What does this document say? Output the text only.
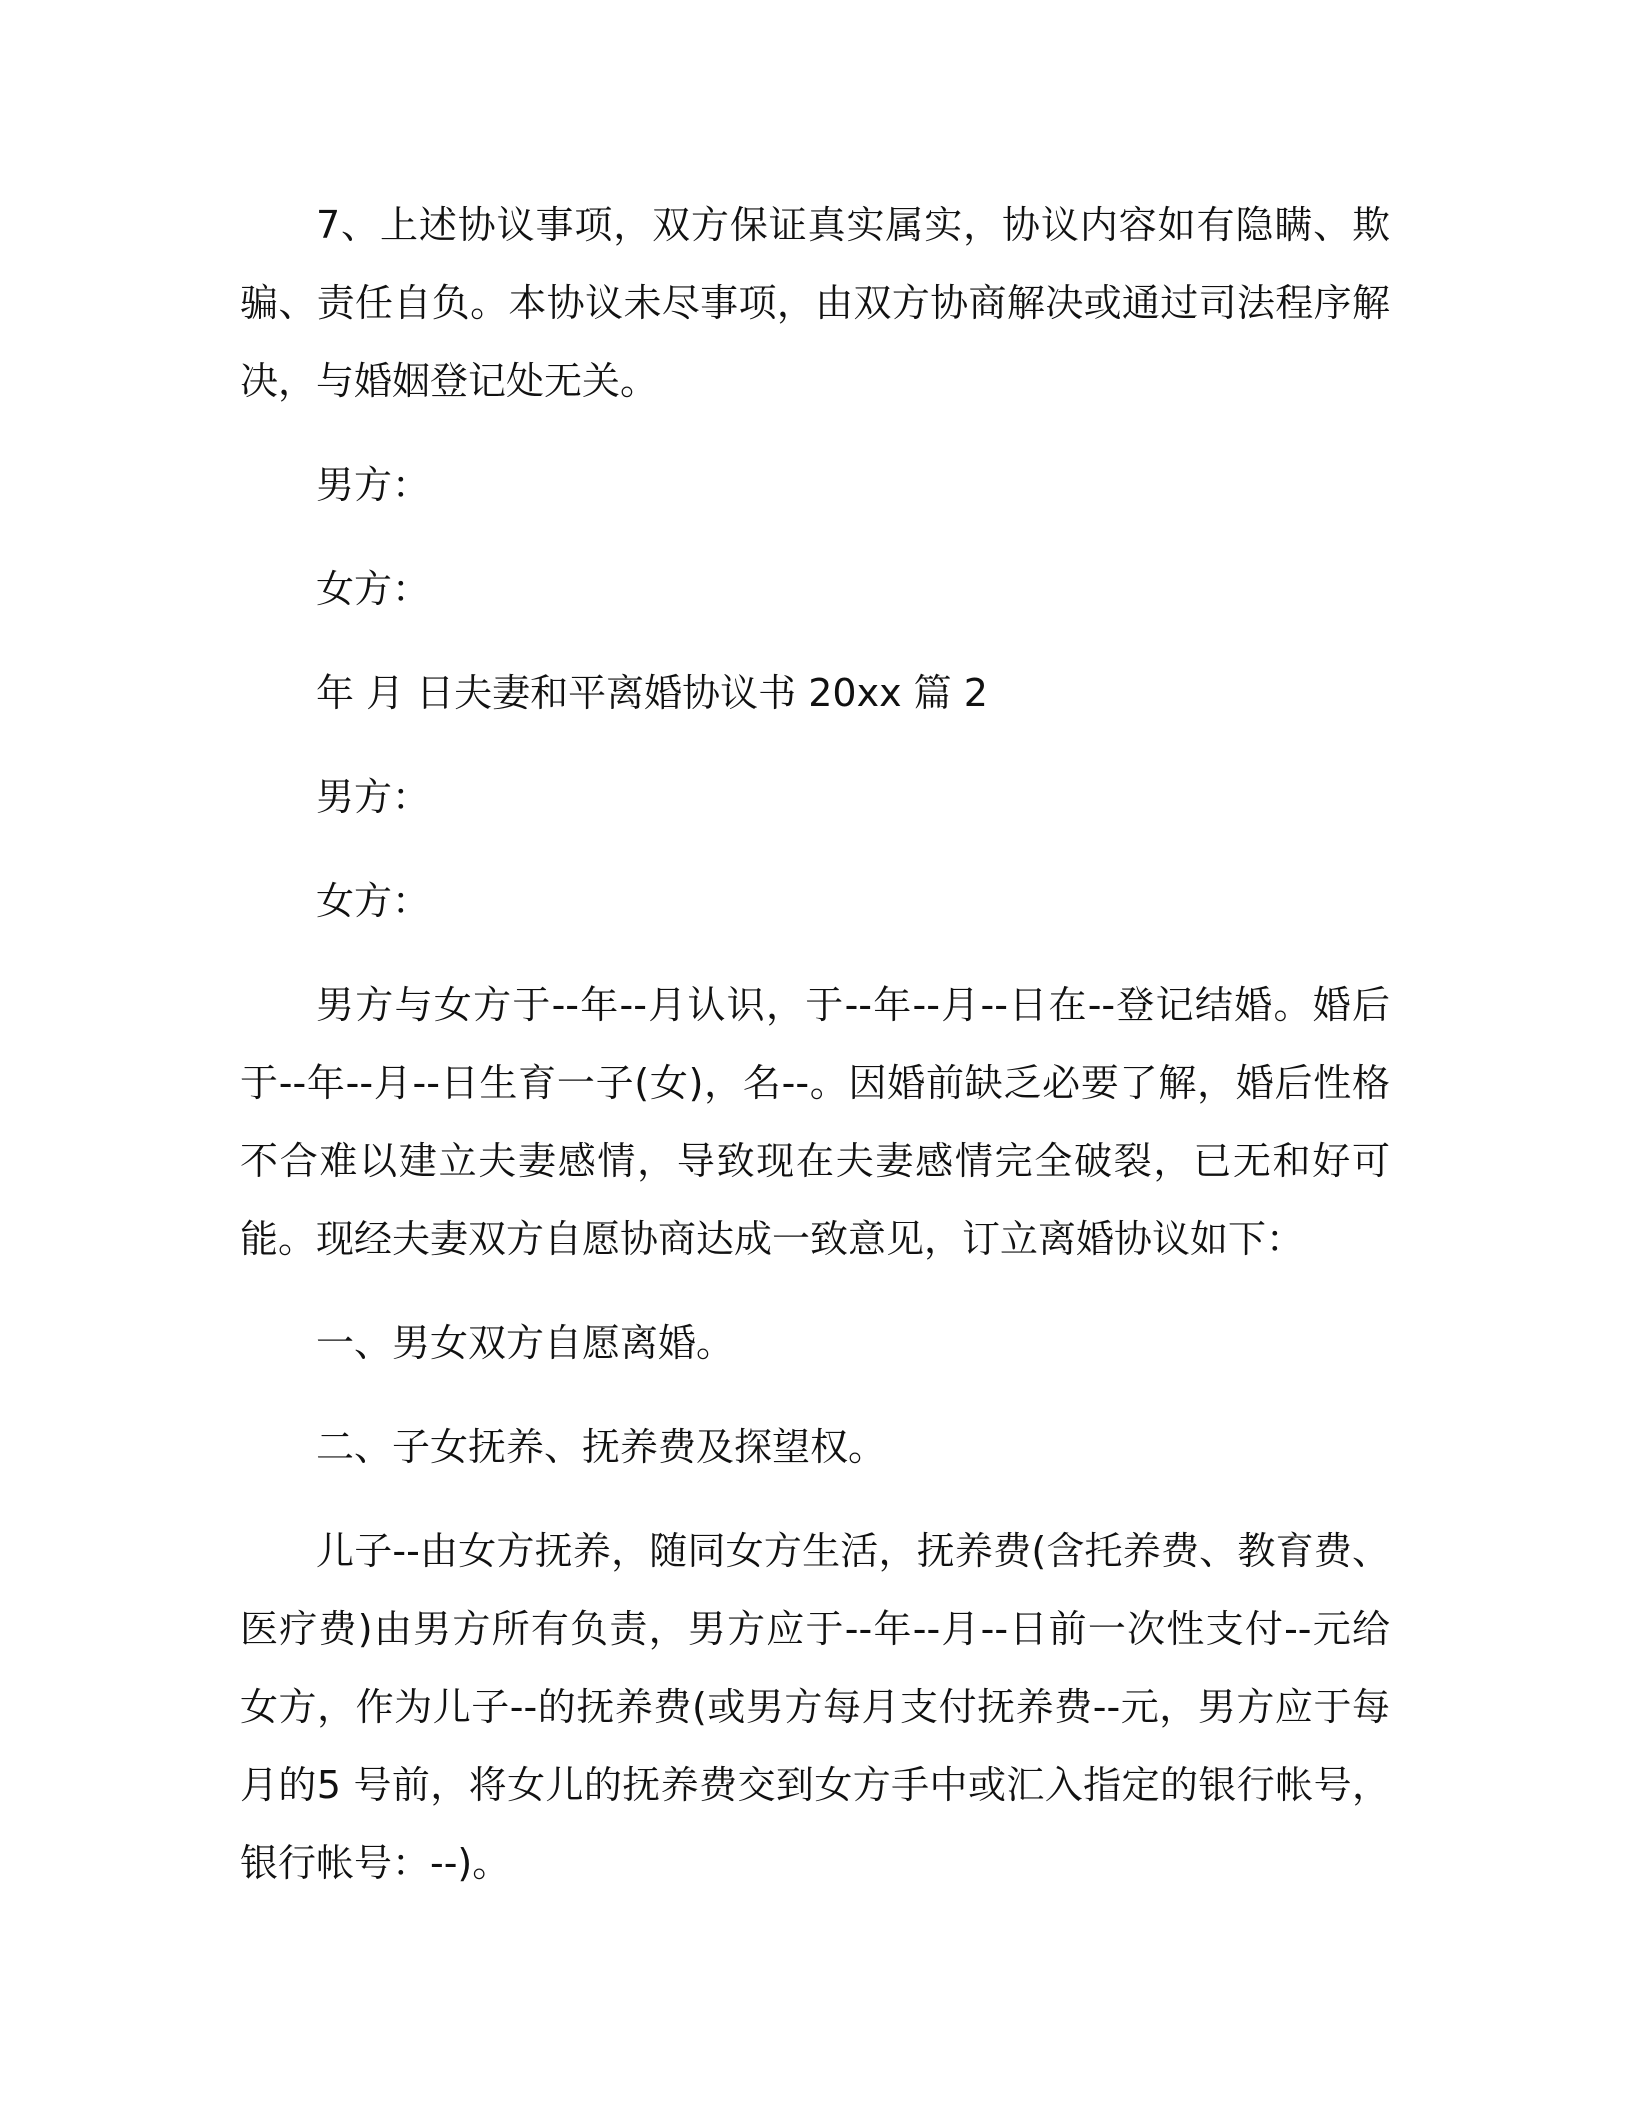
7、上述协议事项，双方保证真实属实，协议内容如有隐瞒、欺骗、责任自负。本协议未尽事项，由双方协商解决或通过司法程序解决，与婚姻登记处无关。

男方：

女方：

年 月 日夫妻和平离婚协议书 20xx 篇 2

男方：

女方：

男方与女方于--年--月认识，于--年--月--日在--登记结婚。婚后于--年--月--日生育一子(女)，名--。因婚前缺乏必要了解，婚后性格不合难以建立夫妻感情，导致现在夫妻感情完全破裂，已无和好可能。现经夫妻双方自愿协商达成一致意见，订立离婚协议如下：

一、男女双方自愿离婚。

二、子女抚养、抚养费及探望权。

儿子--由女方抚养，随同女方生活，抚养费(含托养费、教育费、医疗费)由男方所有负责，男方应于--年--月--日前一次性支付--元给女方，作为儿子--的抚养费(或男方每月支付抚养费--元，男方应于每月的5 号前，将女儿的抚养费交到女方手中或汇入指定的银行帐号，银行帐号：--)。
